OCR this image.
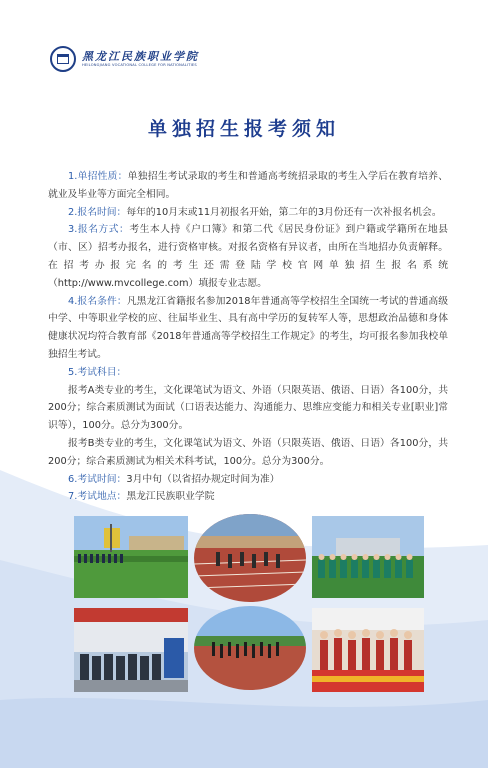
黑龙江民族职业学院
HEILONGJIANG VOCATIONAL COLLEGE FOR NATIONALITIES
单独招生报考须知

1.单招性质：单独招生考试录取的考生和普通高考统招录取的考生入学后在教育培养、就业及毕业等方面完全相同。

2.报名时间：每年的10月末或11月初报名开始，第二年的3月份还有一次补报名机会。

3.报名方式：考生本人持《户口簿》和第二代《居民身份证》到户籍或学籍所在地县（市、区）招考办报名，进行资格审核。对报名资格有异议者，由所在当地招办负责解释。在招考办报完名的考生还需登陆学校官网单独招生报名系统（http://www.mvcollege.com）填报专业志愿。

4.报名条件：凡黑龙江省籍报名参加2018年普通高等学校招生全国统一考试的普通高级中学、中等职业学校的应、往届毕业生、具有高中学历的复转军人等，思想政治品德和身体健康状况均符合教育部《2018年普通高等学校招生工作规定》的考生，均可报名参加我校单独招生考试。

5.考试科目：

报考A类专业的考生，文化课笔试为语文、外语（只限英语、俄语、日语）各100分，共200分；综合素质测试为面试（口语表达能力、沟通能力、思维应变能力和相关专业[职业]常识等），100分。总分为300分。

报考B类专业的考生，文化课笔试为语文、外语（只限英语、俄语、日语）各100分，共200分；综合素质测试为相关术科考试，100分。总分为300分。

6.考试时间：3月中旬（以省招办规定时间为准）

7.考试地点：黑龙江民族职业学院
